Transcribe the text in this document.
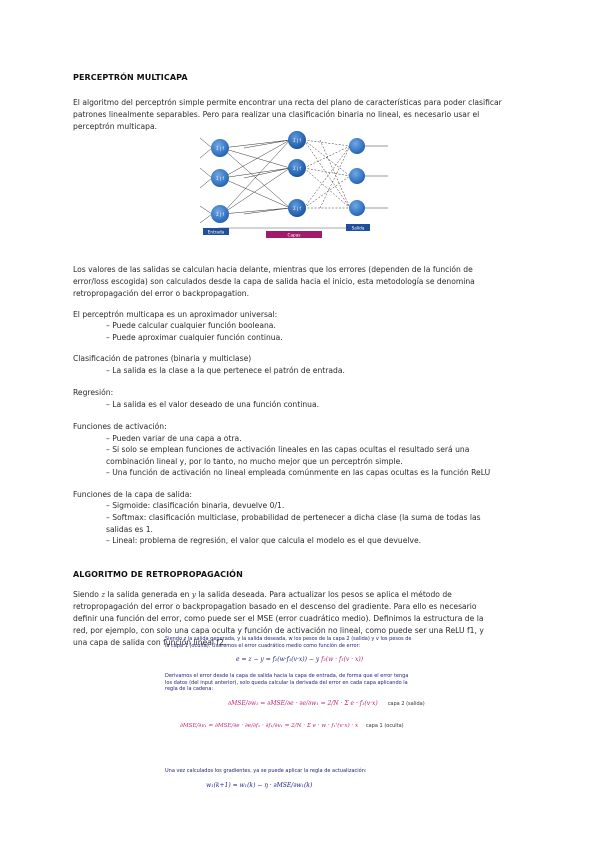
PERCEPTRÓN MULTICAPA
El algoritmo del perceptrón simple permite encontrar una recta del plano de características para poder clasificar
patrones linealmente separables. Pero para realizar una clasificación binaria no lineal, es necesario usar el
perceptrón multicapa.
Σ | f
Σ | f
Σ | f
Σ | f
Σ | f
Σ | f
Entrada
Capas
Salida
Los valores de las salidas se calculan hacia delante, mientras que los errores (dependen de la función de
error/loss escogida) son calculados desde la capa de salida hacia el inicio, esta metodología se denomina
retropropagación del error o backpropagation.
El perceptrón multicapa es un aproximador universal:
– Puede calcular cualquier función booleana.
– Puede aproximar cualquier función continua.
Clasificación de patrones (binaria y multiclase)
– La salida es la clase a la que pertenece el patrón de entrada.
Regresión:
– La salida es el valor deseado de una función continua.
Funciones de activación:
– Pueden variar de una capa a otra.
– Si solo se emplean funciones de activación lineales en las capas ocultas el resultado será una
combinación lineal y, por lo tanto, no mucho mejor que un perceptrón simple.
– Una función de activación no lineal empleada comúnmente en las capas ocultas es la función ReLU
Funciones de la capa de salida:
– Sigmoide: clasificación binaria, devuelve 0/1.
– Softmax: clasificación multiclase, probabilidad de pertenecer a dicha clase (la suma de todas las
salidas es 1.
– Lineal: problema de regresión, el valor que calcula el modelo es el que devuelve.
ALGORITMO DE RETROPROPAGACIÓN
Siendo z la salida generada en y la salida deseada. Para actualizar los pesos se aplica el método de
retropropagación del error o backpropagation basado en el descenso del gradiente. Para ello es necesario
definir una función del error, como puede ser el MSE (error cuadrático medio). Definimos la estructura de la
red, por ejemplo, con solo una capa oculta y función de activación no lineal, como puede ser una ReLU f1, y
una capa de salida con función lineal f2.
Siendo z la salida generada, y la salida deseada, w los pesos de la capa 2 (salida) y v los pesos de
la capa 1 (oculta). Usaremos el error cuadrático medio como función de error:
e = z − y = f₂(w·f₁(v·x)) − y f₂(w · f₁(v · x))
Derivamos el error desde la capa de salida hacia la capa de entrada, de forma que el error tenga
los datos (del input anterior), solo queda calcular la derivada del error en cada capa aplicando la
regla de la cadena:
∂MSE/∂w₁ = ∂MSE/∂e · ∂e/∂w₁ = 2/N · Σ e · f₁(v·x) capa 2 (salida)
∂MSE/∂v₁ = ∂MSE/∂e · ∂e/∂f₁ · ∂f₁/∂v₁ = 2/N · Σ e · w · f₁'(v·x) · x capa 1 (oculta)
Una vez calculados los gradientes, ya se puede aplicar la regla de actualización:
w₁(k+1) = w₁(k) − η · ∂MSE/∂w₁(k)
